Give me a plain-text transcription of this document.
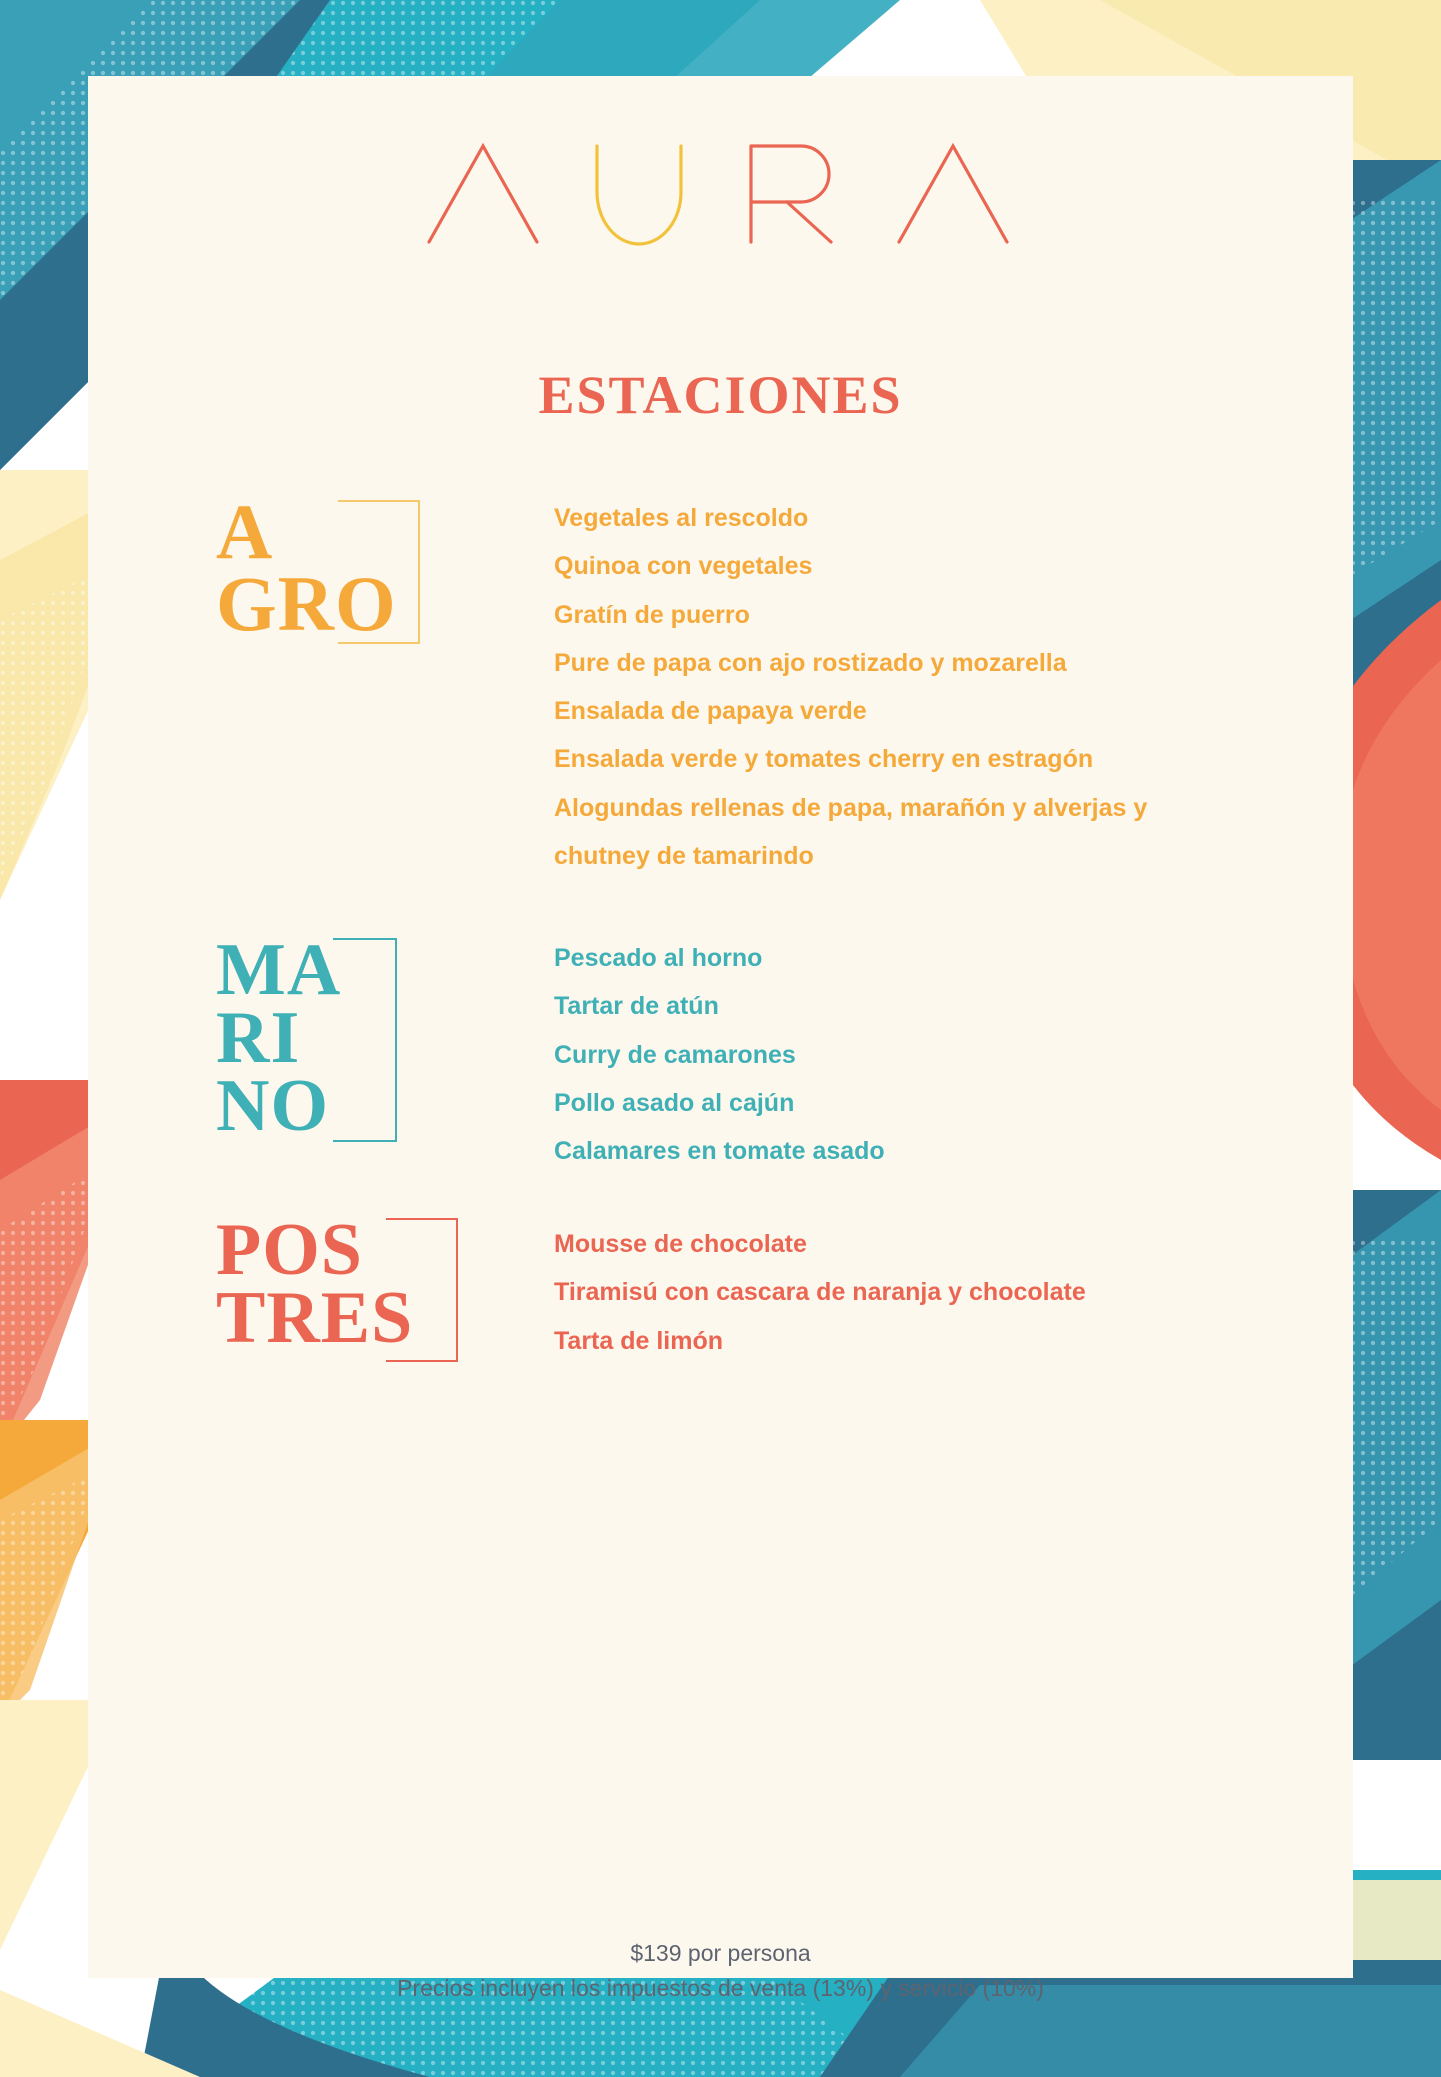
ESTACIONES
A
GRO
Vegetales al rescoldo
Quinoa con vegetales
Gratín de puerro
Pure de papa con ajo rostizado y mozarella
Ensalada de papaya verde
Ensalada verde y tomates cherry en estragón
Alogundas rellenas de papa, marañón y alverjas y
chutney de tamarindo
MA
RI
NO
Pescado al horno
Tartar de atún
Curry de camarones
Pollo asado al cajún
Calamares en tomate asado
POS
TRES
Mousse de chocolate
Tiramisú con cascara de naranja y chocolate
Tarta de limón
$139 por persona
Precios incluyen los impuestos de venta (13%) y servicio (10%)
